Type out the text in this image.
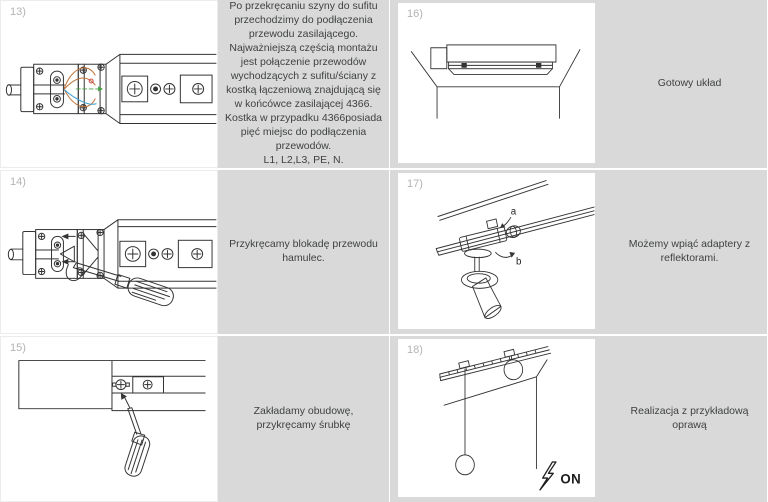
13)	Po przekręcaniu szyny do sufitu przechodzimy do podłączenia przewodu zasilającego. Najważniejszą częścią montażu jest połączenie przewodów wychodzących z sufitu/ściany z kostką łączeniową znajdującą się w końcówce zasilającej 4366. Kostka w przypadku 4366posiada pięć miejsc do podłączenia przewodów.

L1, L2,L3, PE, N.

16)

Gotowy układ

14)

Przykręcamy blokadę przewodu hamulec.

17)
a
b

Możemy wpiąć adaptery z reflektorami.

15)

Zakładamy obudowę, przykręcamy śrubkę

18)
ON

Realizacja z przykładową oprawą
